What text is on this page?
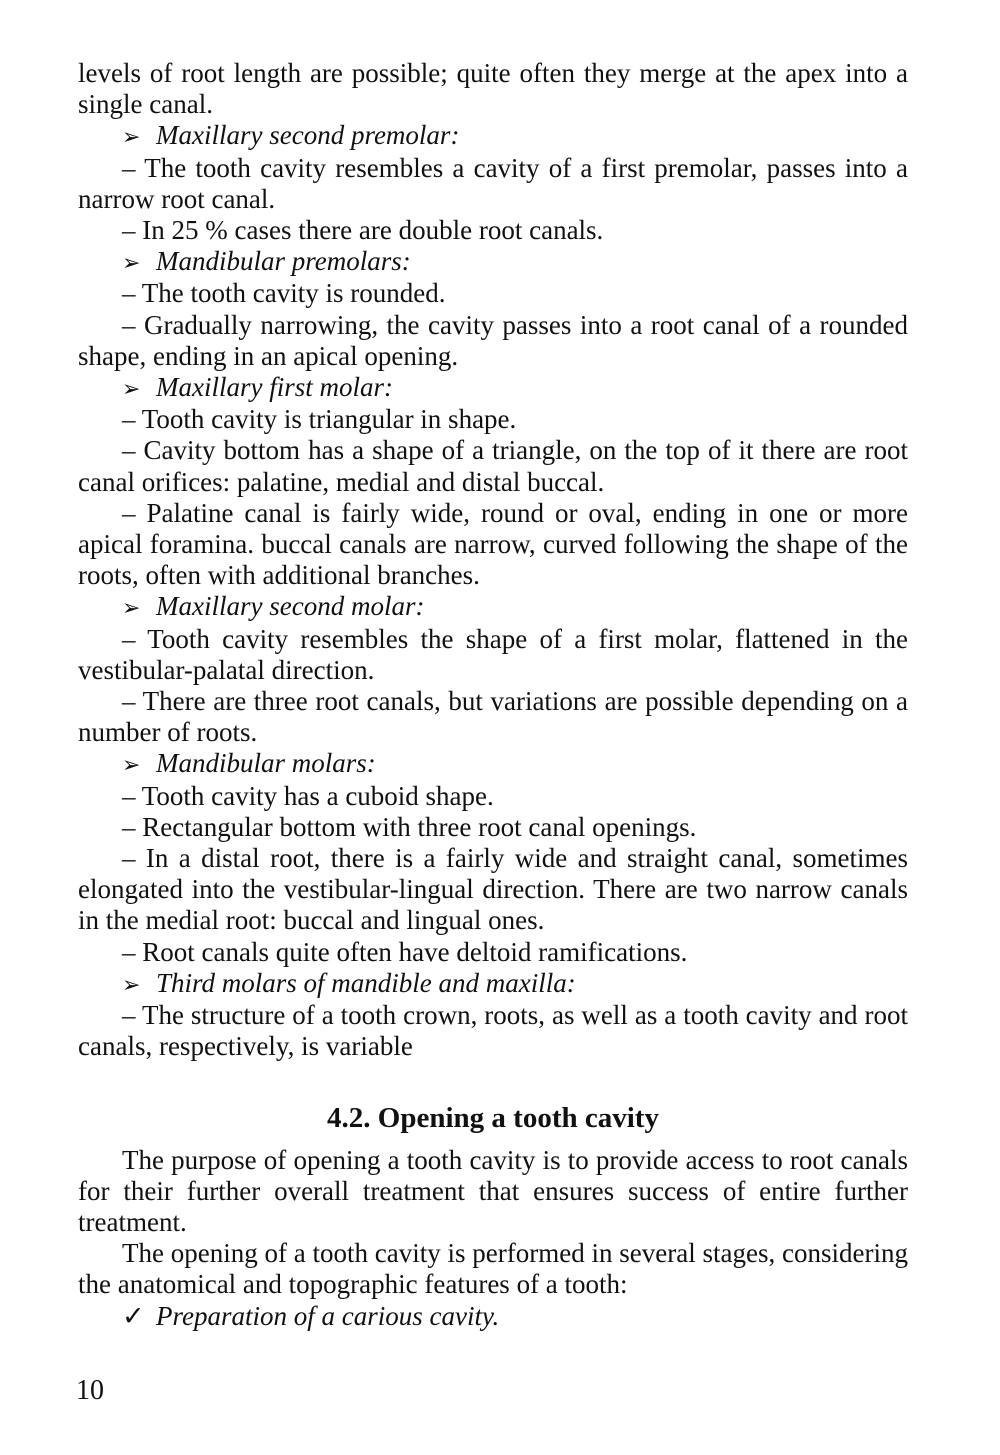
levels of root length are possible; quite often they merge at the apex into a single canal.

➢ Maxillary second premolar:

– The tooth cavity resembles a cavity of a first premolar, passes into a narrow root canal.

– In 25 % cases there are double root canals.

➢ Mandibular premolars:

– The tooth cavity is rounded.

– Gradually narrowing, the cavity passes into a root canal of a rounded shape, ending in an apical opening.

➢ Maxillary first molar:

– Tooth cavity is triangular in shape.

– Cavity bottom has a shape of a triangle, on the top of it there are root canal orifices: palatine, medial and distal buccal.

– Palatine canal is fairly wide, round or oval, ending in one or more apical foramina. buccal canals are narrow, curved following the shape of the roots, often with additional branches.

➢ Maxillary second molar:

– Tooth cavity resembles the shape of a first molar, flattened in the vestibular-palatal direction.

– There are three root canals, but variations are possible depending on a number of roots.

➢ Mandibular molars:

– Tooth cavity has a cuboid shape.

– Rectangular bottom with three root canal openings.

– In a distal root, there is a fairly wide and straight canal, sometimes elongated into the vestibular-lingual direction. There are two narrow canals in the medial root: buccal and lingual ones.

– Root canals quite often have deltoid ramifications.

➢ Third molars of mandible and maxilla:

– The structure of a tooth crown, roots, as well as a tooth cavity and root canals, respectively, is variable

4.2. Opening a tooth cavity

The purpose of opening a tooth cavity is to provide access to root canals for their further overall treatment that ensures success of entire further treatment.

The opening of a tooth cavity is performed in several stages, considering the anatomical and topographic features of a tooth:

✓ Preparation of a carious cavity.

10
